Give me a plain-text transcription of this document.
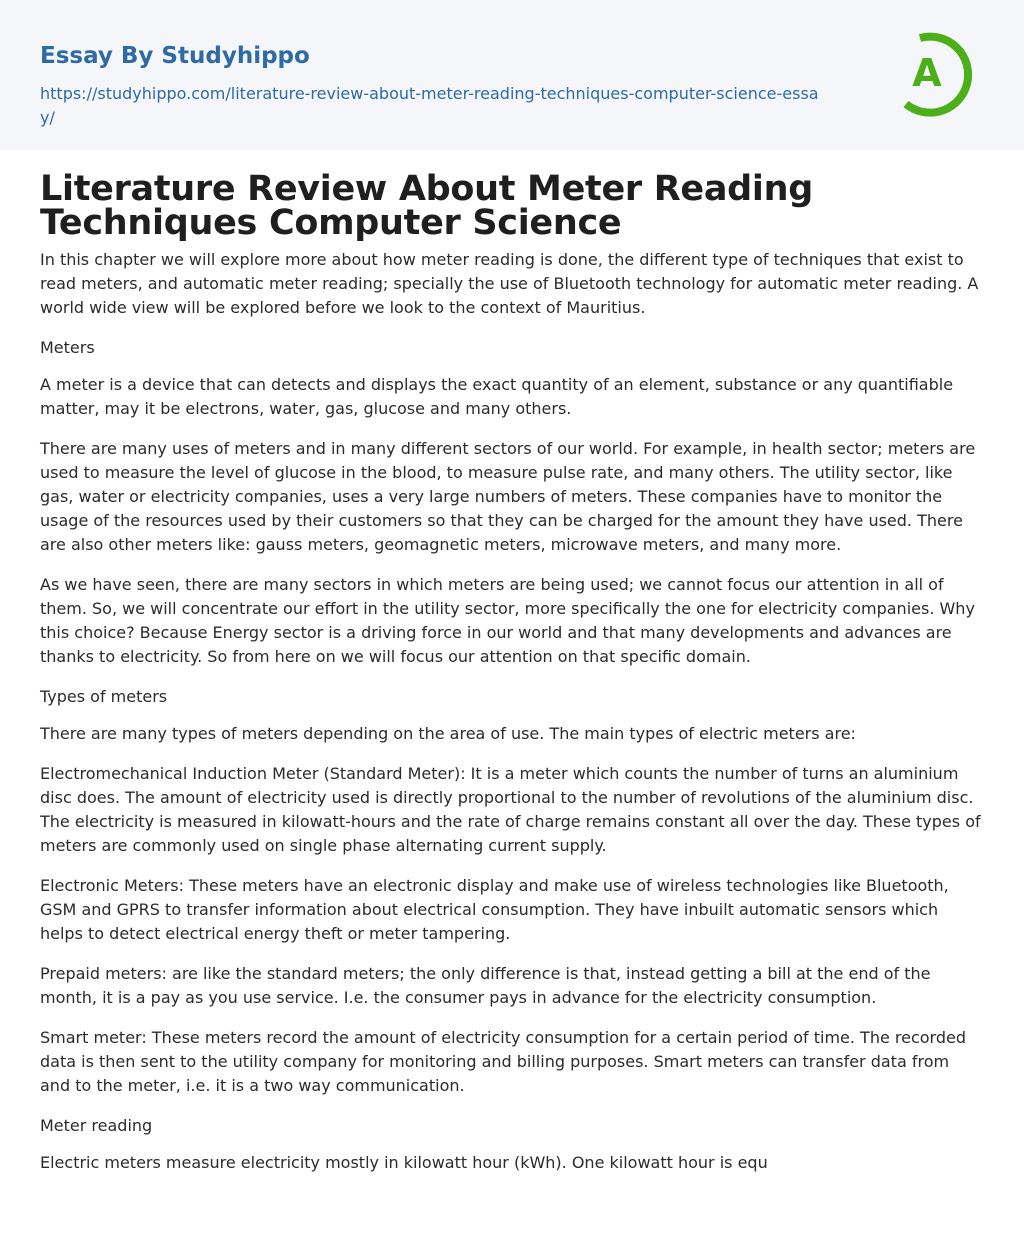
Essay By Studyhippo
https://studyhippo.com/literature-review-about-meter-reading-techniques-computer-science-essay/
A
Literature Review About Meter Reading Techniques Computer Science

In this chapter we will explore more about how meter reading is done, the different type of techniques that exist to read meters, and automatic meter reading; specially the use of Bluetooth technology for automatic meter reading. A world wide view will be explored before we look to the context of Mauritius.

Meters

A meter is a device that can detects and displays the exact quantity of an element, substance or any quantifiable matter, may it be electrons, water, gas, glucose and many others.

There are many uses of meters and in many different sectors of our world. For example, in health sector; meters are used to measure the level of glucose in the blood, to measure pulse rate, and many others. The utility sector, like gas, water or electricity companies, uses a very large numbers of meters. These companies have to monitor the usage of the resources used by their customers so that they can be charged for the amount they have used. There are also other meters like: gauss meters, geomagnetic meters, microwave meters, and many more.

As we have seen, there are many sectors in which meters are being used; we cannot focus our attention in all of them. So, we will concentrate our effort in the utility sector, more specifically the one for electricity companies. Why this choice? Because Energy sector is a driving force in our world and that many developments and advances are thanks to electricity. So from here on we will focus our attention on that specific domain.

Types of meters

There are many types of meters depending on the area of use. The main types of electric meters are:

Electromechanical Induction Meter (Standard Meter): It is a meter which counts the number of turns an aluminium disc does. The amount of electricity used is directly proportional to the number of revolutions of the aluminium disc. The electricity is measured in kilowatt-hours and the rate of charge remains constant all over the day. These types of meters are commonly used on single phase alternating current supply.

Electronic Meters: These meters have an electronic display and make use of wireless technologies like Bluetooth, GSM and GPRS to transfer information about electrical consumption. They have inbuilt automatic sensors which helps to detect electrical energy theft or meter tampering.

Prepaid meters: are like the standard meters; the only difference is that, instead getting a bill at the end of the month, it is a pay as you use service. I.e. the consumer pays in advance for the electricity consumption.

Smart meter: These meters record the amount of electricity consumption for a certain period of time. The recorded data is then sent to the utility company for monitoring and billing purposes. Smart meters can transfer data from and to the meter, i.e. it is a two way communication.

Meter reading

Electric meters measure electricity mostly in kilowatt hour (kWh). One kilowatt hour is equ
